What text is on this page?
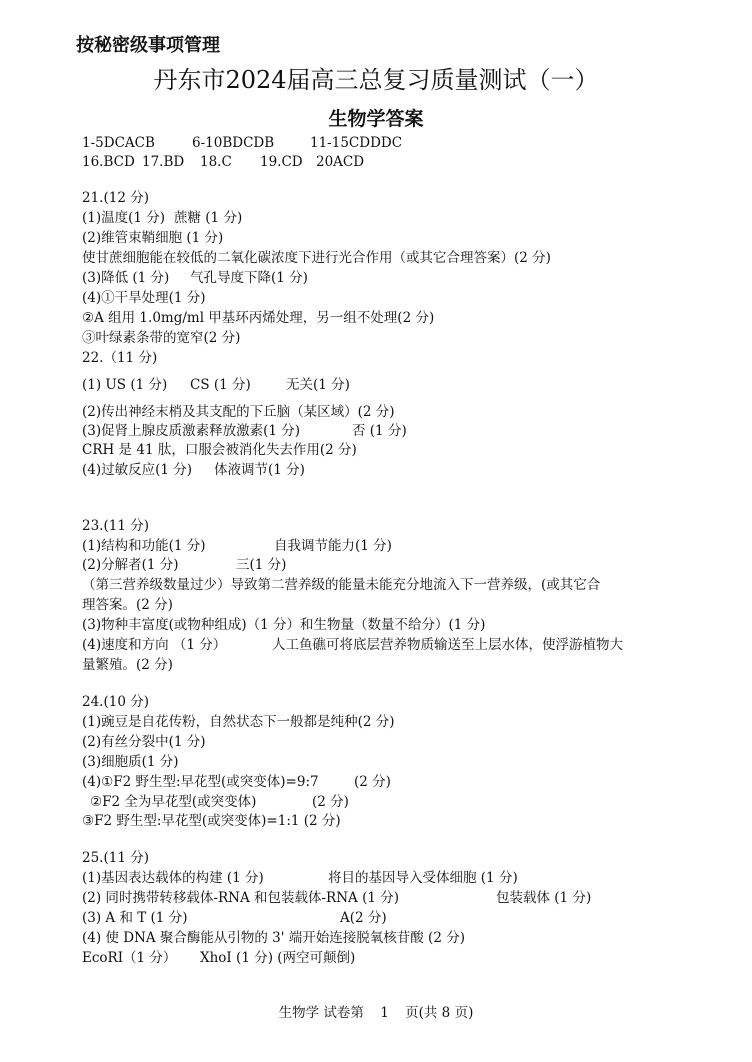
按秘密级事项管理
丹东市2024届高三总复习质量测试（一）
生物学答案
1-5DCACB	6-10BDCDB	11-15CDDDC
16.BCD 17.BD 18.C 19.CD 20ACD
21.(12 分)
(1)温度(1 分) 蔗糖 (1 分)
(2)维管束鞘细胞 (1 分)
使甘蔗细胞能在较低的二氧化碳浓度下进行光合作用（或其它合理答案）(2 分)
(3)降低 (1 分) 气孔导度下降(1 分)
(4)①干旱处理(1 分)
②A 组用 1.0mg/ml 甲基环丙烯处理，另一组不处理(2 分)
③叶绿素条带的宽窄(2 分)
22.（11 分)
(1) US (1 分) CS (1 分)	无关(1 分)
(2)传出神经末梢及其支配的下丘脑（某区域）(2 分)
(3)促肾上腺皮质激素释放激素(1 分)	否 (1 分)
CRH 是 41 肽，口服会被消化失去作用(2 分)
(4)过敏反应(1 分) 体液调节(1 分)
23.(11 分)
(1)结构和功能(1 分)	自我调节能力(1 分)
(2)分解者(1 分)	三(1 分)
（第三营养级数量过少）导致第二营养级的能量未能充分地流入下一营养级，(或其它合
理答案。(2 分)
(3)物种丰富度(或物种组成)（1 分）和生物量（数量不给分）(1 分)
(4)速度和方向 （1 分）	人工鱼礁可将底层营养物质输送至上层水体，使浮游植物大
量繁殖。(2 分)
24.(10 分)
(1)豌豆是自花传粉，自然状态下一般都是纯种(2 分)
(2)有丝分裂中(1 分)
(3)细胞质(1 分)
(4)①F2 野生型:早花型(或突变体)=9:7	(2 分)
②F2 全为早花型(或突变体)	(2 分)
③F2 野生型:早花型(或突变体)=1:1 (2 分)
25.(11 分)
(1)基因表达载体的构建 (1 分)	将目的基因导入受体细胞 (1 分)
(2) 同时携带转移载体-RNA 和包装载体-RNA (1 分)	包装载体 (1 分)
(3) A 和 T (1 分)	A(2 分)
(4) 使 DNA 聚合酶能从引物的 3' 端开始连接脱氧核苷酸 (2 分)
EcoRI（1 分） XhoI (1 分) (两空可颠倒)
生物学 试卷第 1 页(共 8 页)
